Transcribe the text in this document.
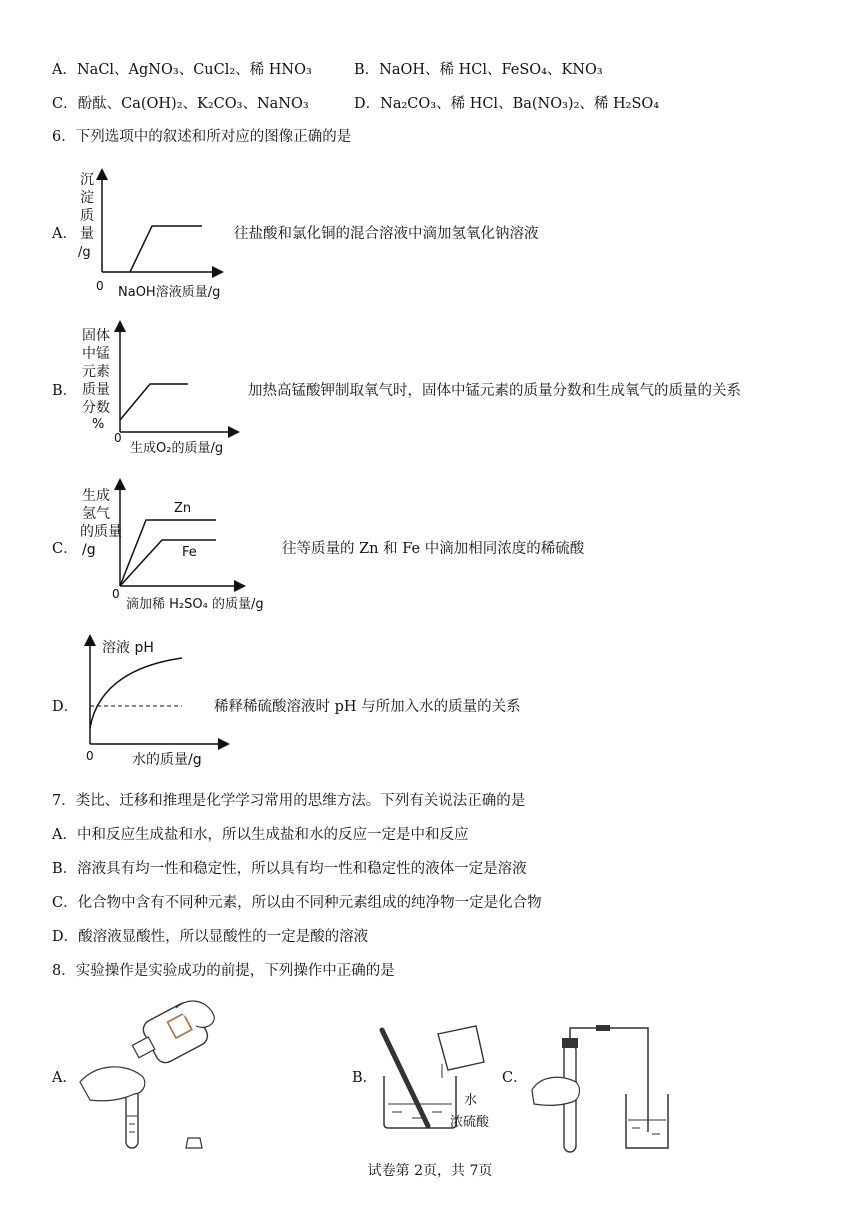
A．NaCl、AgNO₃、CuCl₂、稀 HNO₃	B．NaOH、稀 HCl、FeSO₄、KNO₃
C．酚酞、Ca(OH)₂、K₂CO₃、NaNO₃	D．Na₂CO₃、稀 HCl、Ba(NO₃)₂、稀 H₂SO₄
6．下列选项中的叙述和所对应的图像正确的是
A．
沉
淀
质
量
/g
0 NaOH溶液质量/g
往盐酸和氯化铜的混合溶液中滴加氢氧化钠溶液
B．
固体
中锰
元素
质量
分数
%
0
生成O₂的质量/g
加热高锰酸钾制取氧气时，固体中锰元素的质量分数和生成氧气的质量的关系
C．
Zn
Fe
生成
氢气
的质量
/g
0
滴加稀 H₂SO₄ 的质量/g
往等质量的 Zn 和 Fe 中滴加相同浓度的稀硫酸
D．
溶液 pH
0	水的质量/g
稀释稀硫酸溶液时 pH 与所加入水的质量的关系
7．类比、迁移和推理是化学学习常用的思维方法。下列有关说法正确的是
A．中和反应生成盐和水，所以生成盐和水的反应一定是中和反应
B．溶液具有均一性和稳定性，所以具有均一性和稳定性的液体一定是溶液
C．化合物中含有不同种元素，所以由不同种元素组成的纯净物一定是化合物
D．酸溶液显酸性，所以显酸性的一定是酸的溶液
8．实验操作是实验成功的前提，下列操作中正确的是
A．	B．
水
浓硫酸
C．
试卷第 2页，共 7页
